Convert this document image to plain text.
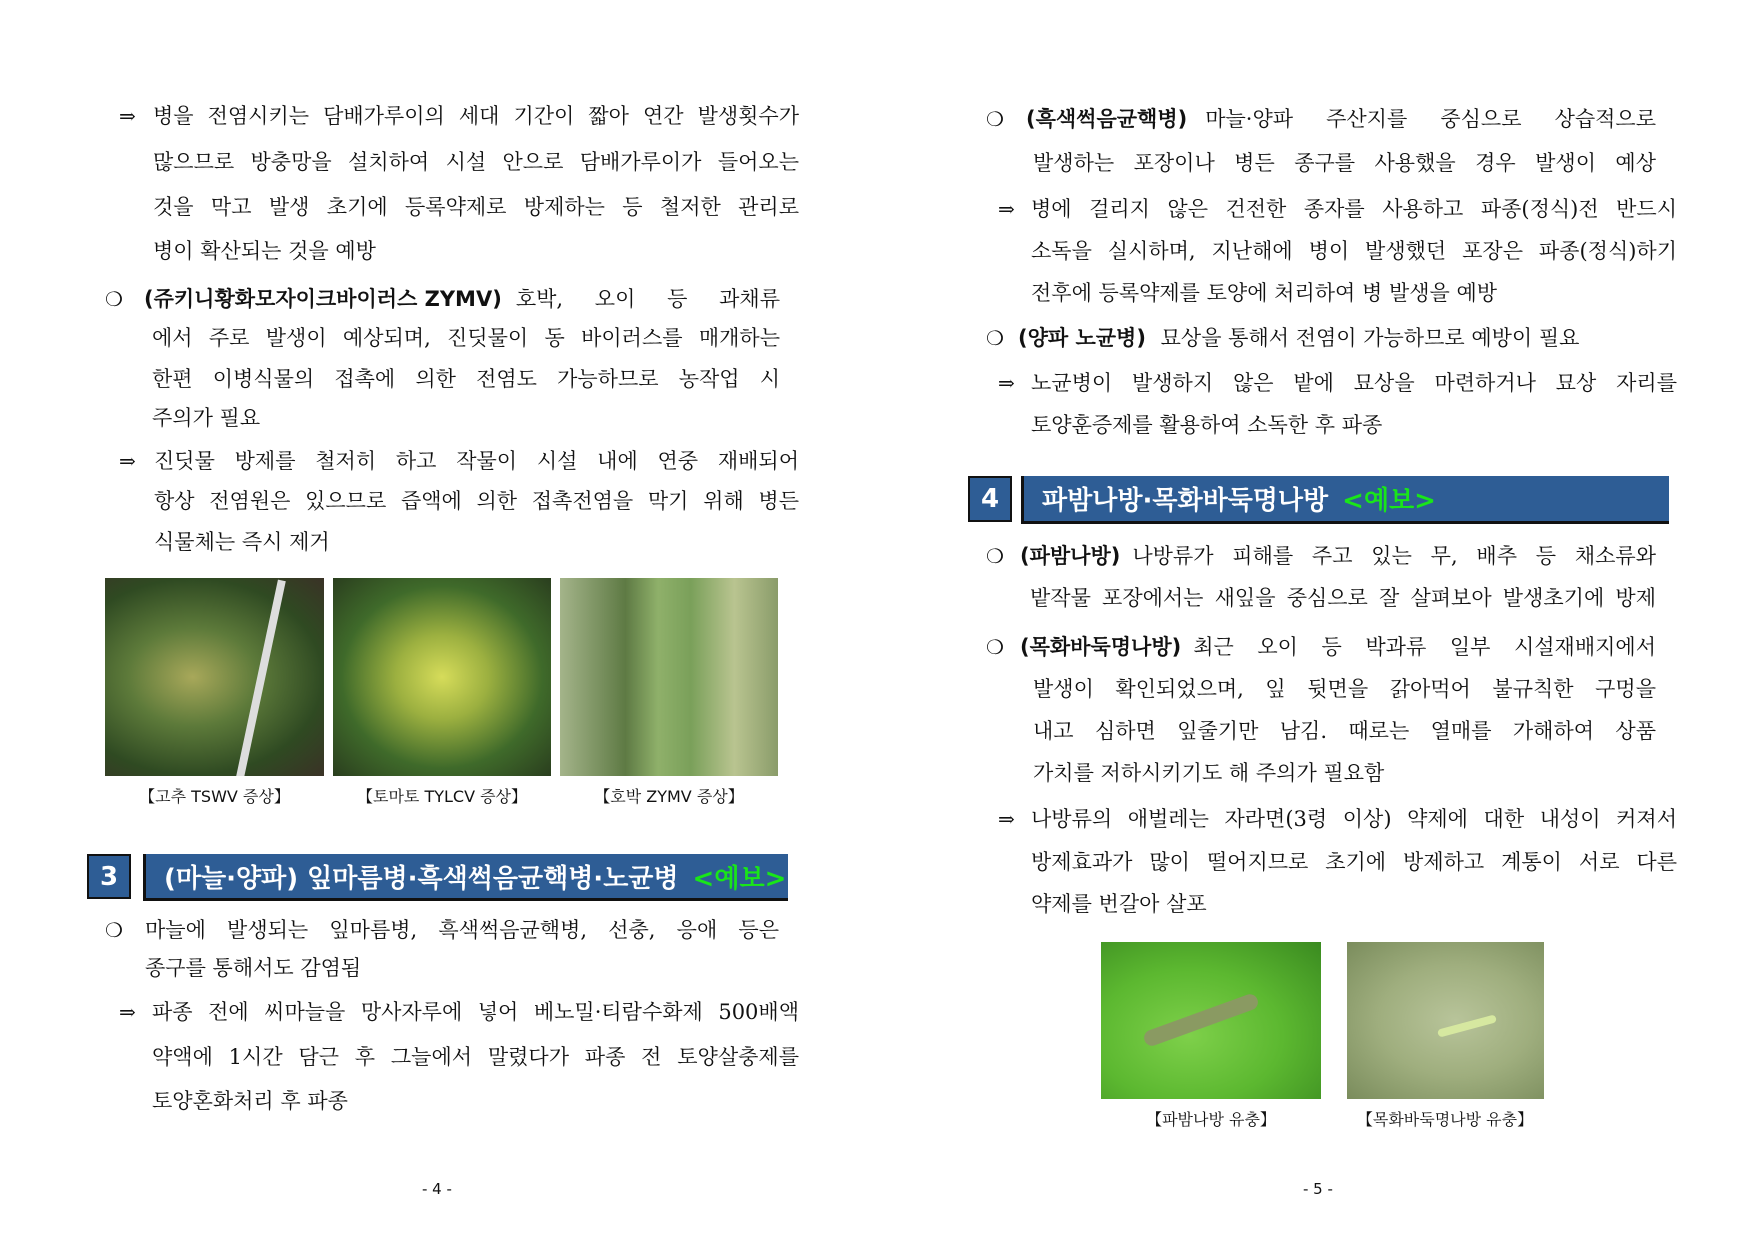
⇒ 병을 전염시키는 담배가루이의 세대 기간이 짧아 연간 발생횟수가
많으므로 방충망을 설치하여 시설 안으로 담배가루이가 들어오는
것을 막고 발생 초기에 등록약제로 방제하는 등 철저한 관리로
병이 확산되는 것을 예방
❍ (쥬키니황화모자이크바이러스 ZYMV) 호박, 오이 등 과채류
에서 주로 발생이 예상되며, 진딧물이 동 바이러스를 매개하는
한편 이병식물의 접촉에 의한 전염도 가능하므로 농작업 시
주의가 필요
⇒ 진딧물 방제를 철저히 하고 작물이 시설 내에 연중 재배되어
항상 전염원은 있으므로 즙액에 의한 접촉전염을 막기 위해 병든
식물체는 즉시 제거
【고추 TSWV 증상】	【토마토 TYLCV 증상】	【호박 ZYMV 증상】
3	(마늘·양파) 잎마름병·흑색썩음균핵병·노균병 <예보>
❍ 마늘에 발생되는 잎마름병, 흑색썩음균핵병, 선충, 응애 등은
종구를 통해서도 감염됨
⇒ 파종 전에 씨마늘을 망사자루에 넣어 베노밀·티람수화제 500배액
약액에 1시간 담근 후 그늘에서 말렸다가 파종 전 토양살충제를
토양혼화처리 후 파종
- 4 -
❍ (흑색썩음균핵병) 마늘·양파 주산지를 중심으로 상습적으로
발생하는 포장이나 병든 종구를 사용했을 경우 발생이 예상
⇒ 병에 걸리지 않은 건전한 종자를 사용하고 파종(정식)전 반드시
소독을 실시하며, 지난해에 병이 발생했던 포장은 파종(정식)하기
전후에 등록약제를 토양에 처리하여 병 발생을 예방
❍ (양파 노균병) 묘상을 통해서 전염이 가능하므로 예방이 필요
⇒ 노균병이 발생하지 않은 밭에 묘상을 마련하거나 묘상 자리를
토양훈증제를 활용하여 소독한 후 파종
4	파밤나방·목화바둑명나방 <예보>
❍ (파밤나방) 나방류가 피해를 주고 있는 무, 배추 등 채소류와
밭작물 포장에서는 새잎을 중심으로 잘 살펴보아 발생초기에 방제
❍ (목화바둑명나방) 최근 오이 등 박과류 일부 시설재배지에서
발생이 확인되었으며, 잎 뒷면을 갉아먹어 불규칙한 구멍을
내고 심하면 잎줄기만 남김. 때로는 열매를 가해하여 상품
가치를 저하시키기도 해 주의가 필요함
⇒ 나방류의 애벌레는 자라면(3령 이상) 약제에 대한 내성이 커져서
방제효과가 많이 떨어지므로 초기에 방제하고 계통이 서로 다른
약제를 번갈아 살포
【파밤나방 유충】	【목화바둑명나방 유충】
- 5 -
